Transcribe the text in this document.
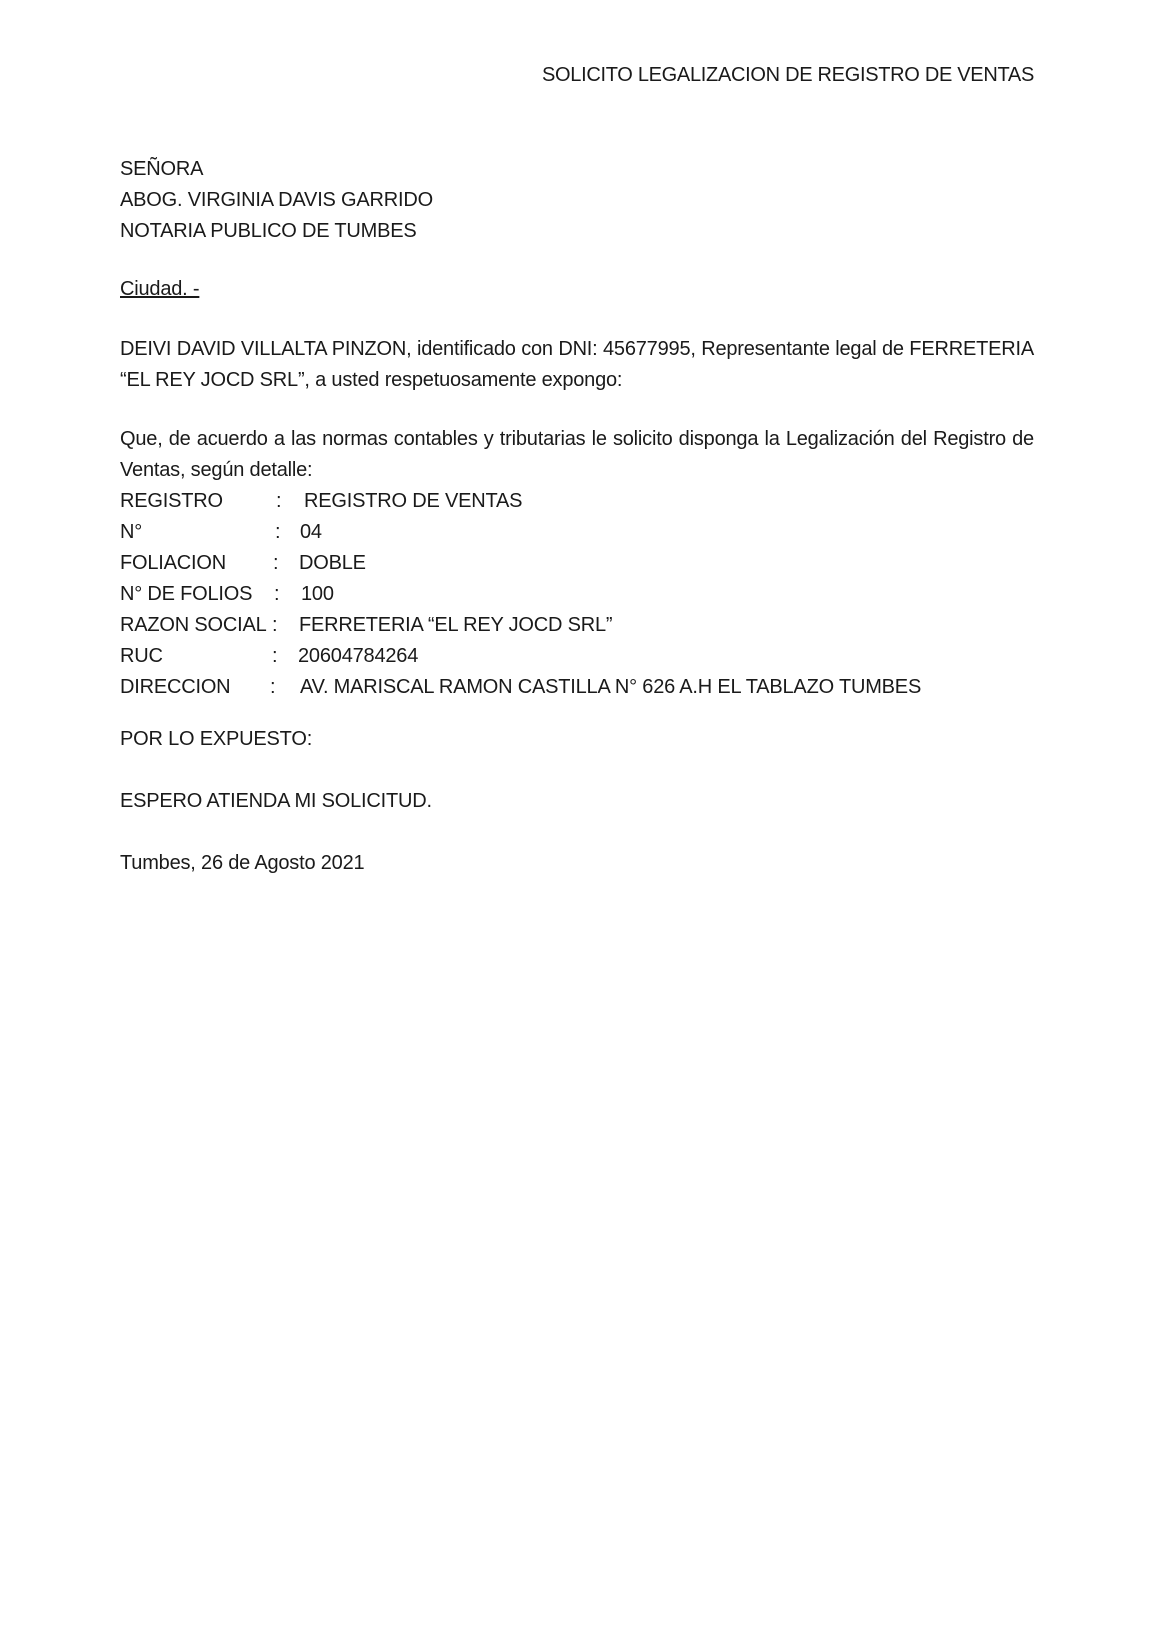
SOLICITO LEGALIZACION DE REGISTRO DE VENTAS
SEÑORA
ABOG. VIRGINIA DAVIS GARRIDO
NOTARIA PUBLICO DE TUMBES
Ciudad. -
DEIVI DAVID VILLALTA PINZON, identificado con DNI: 45677995, Representante legal de FERRETERIA “EL REY JOCD SRL”, a usted respetuosamente expongo:
Que, de acuerdo a las normas contables y tributarias le solicito disponga la Legalización del Registro de Ventas, según detalle:
REGISTRO	:	REGISTRO DE VENTAS
N°	: 04
FOLIACION	:	DOBLE
N° DE FOLIOS	:	100
RAZON SOCIAL :	FERRETERIA “EL REY JOCD SRL”
RUC	:	20604784264
DIRECCION	:	AV. MARISCAL RAMON CASTILLA N° 626 A.H EL TABLAZO TUMBES
POR LO EXPUESTO:
ESPERO ATIENDA MI SOLICITUD.
Tumbes, 26 de Agosto 2021
